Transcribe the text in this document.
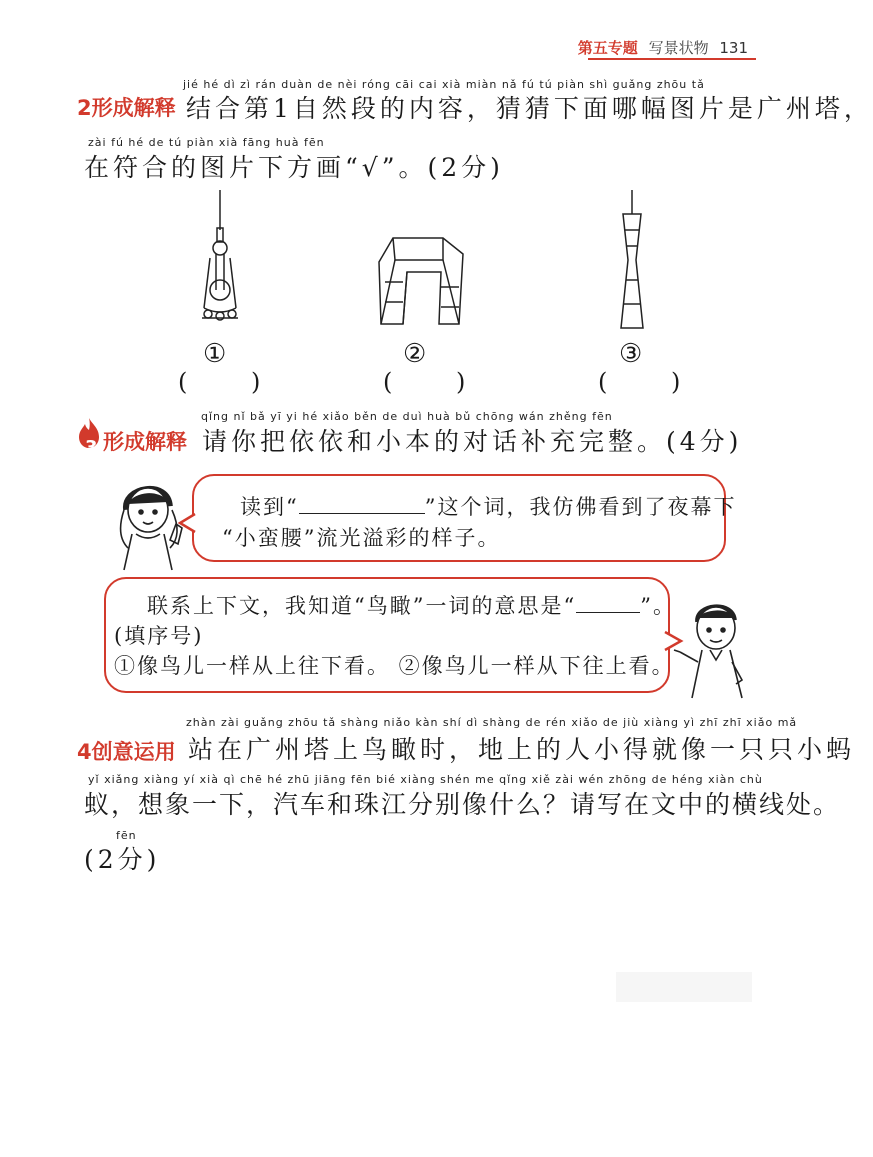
第五专题 写景状物 131
jié hé dì zì rán duàn de nèi róng cāi cai xià miàn nǎ fú tú piàn shì guǎng zhōu tǎ
2形成解释 结合第1自然段的内容，猜猜下面哪幅图片是广州塔，
zài fú hé de tú piàn xià fāng huà fēn
在符合的图片下方画“√”。(2分)
①	②	③
( )	( )	( )
3 形成解释
qǐng nǐ bǎ yī yi hé xiǎo běn de duì huà bǔ chōng wán zhěng fēn
请你把依依和小本的对话补充完整。(4分)
读到“	”这个词，我仿佛看到了夜幕下
“小蛮腰”流光溢彩的样子。
联系上下文，我知道“鸟瞰”一词的意思是“	”。
(填序号)
①像鸟儿一样从上往下看。 ②像鸟儿一样从下往上看。
zhàn zài guǎng zhōu tǎ shàng niǎo kàn shí dì shàng de rén xiǎo de jiù xiàng yì zhī zhī xiǎo mǎ
4创意运用 站在广州塔上鸟瞰时，地上的人小得就像一只只小蚂
yǐ xiǎng xiàng yí xià qì chē hé zhū jiāng fēn bié xiàng shén me qǐng xiě zài wén zhōng de héng xiàn chù
蚁，想象一下，汽车和珠江分别像什么？请写在文中的横线处。
fēn
(2分)
